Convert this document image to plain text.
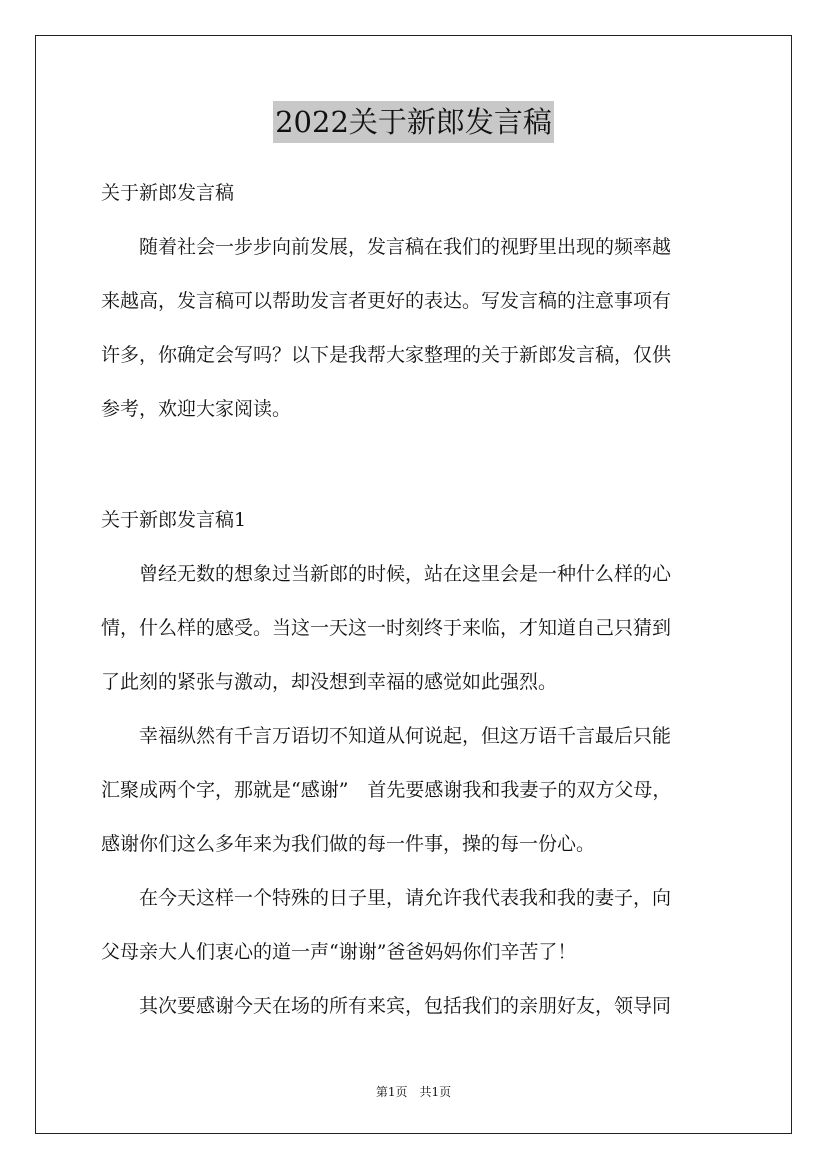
2022关于新郎发言稿
关于新郎发言稿
　　随着社会一步步向前发展，发言稿在我们的视野里出现的频率越
来越高，发言稿可以帮助发言者更好的表达。写发言稿的注意事项有
许多，你确定会写吗？以下是我帮大家整理的关于新郎发言稿，仅供
参考，欢迎大家阅读。
关于新郎发言稿1
　　曾经无数的想象过当新郎的时候，站在这里会是一种什么样的心
情，什么样的感受。当这一天这一时刻终于来临，才知道自己只猜到
了此刻的紧张与激动，却没想到幸福的感觉如此强烈。
　　幸福纵然有千言万语切不知道从何说起，但这万语千言最后只能
汇聚成两个字，那就是“感谢”　首先要感谢我和我妻子的双方父母，
感谢你们这么多年来为我们做的每一件事，操的每一份心。
　　在今天这样一个特殊的日子里，请允许我代表我和我的妻子，向
父母亲大人们衷心的道一声“谢谢”爸爸妈妈你们辛苦了！
　　其次要感谢今天在场的所有来宾，包括我们的亲朋好友，领导同
第1页　共1页
